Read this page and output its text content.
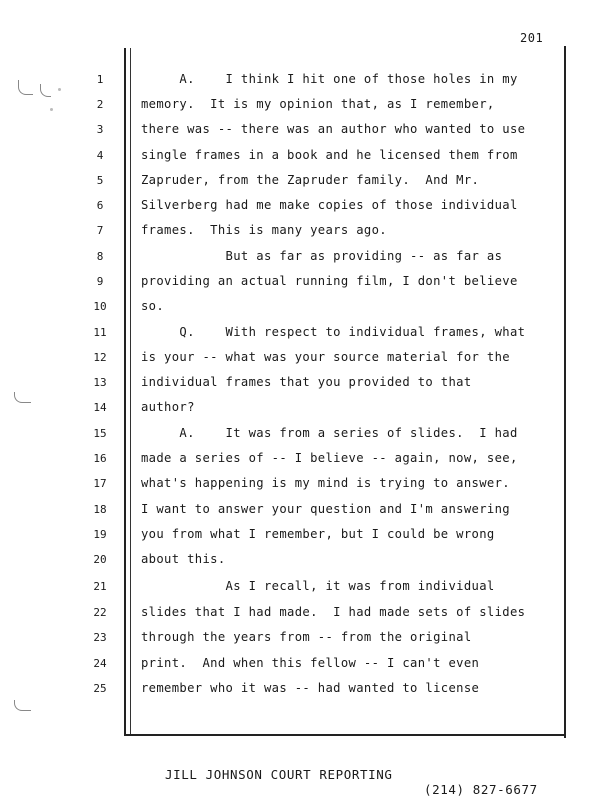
201
1	A.    I think I hit one of those holes in my
2	memory.  It is my opinion that, as I remember,
3	there was -- there was an author who wanted to use
4	single frames in a book and he licensed them from
5	Zapruder, from the Zapruder family.  And Mr.
6	Silverberg had me make copies of those individual
7	frames.  This is many years ago.
8	But as far as providing -- as far as
9	providing an actual running film, I don't believe
10	so.
11	Q.    With respect to individual frames, what
12	is your -- what was your source material for the
13	individual frames that you provided to that
14	author?
15	A.    It was from a series of slides.  I had
16	made a series of -- I believe -- again, now, see,
17	what's happening is my mind is trying to answer.
18	I want to answer your question and I'm answering
19	you from what I remember, but I could be wrong
20	about this.
21	As I recall, it was from individual
22	slides that I had made.  I had made sets of slides
23	through the years from -- from the original
24	print.  And when this fellow -- I can't even
25	remember who it was -- had wanted to license

JILL JOHNSON COURT REPORTING

(214) 827-6677
